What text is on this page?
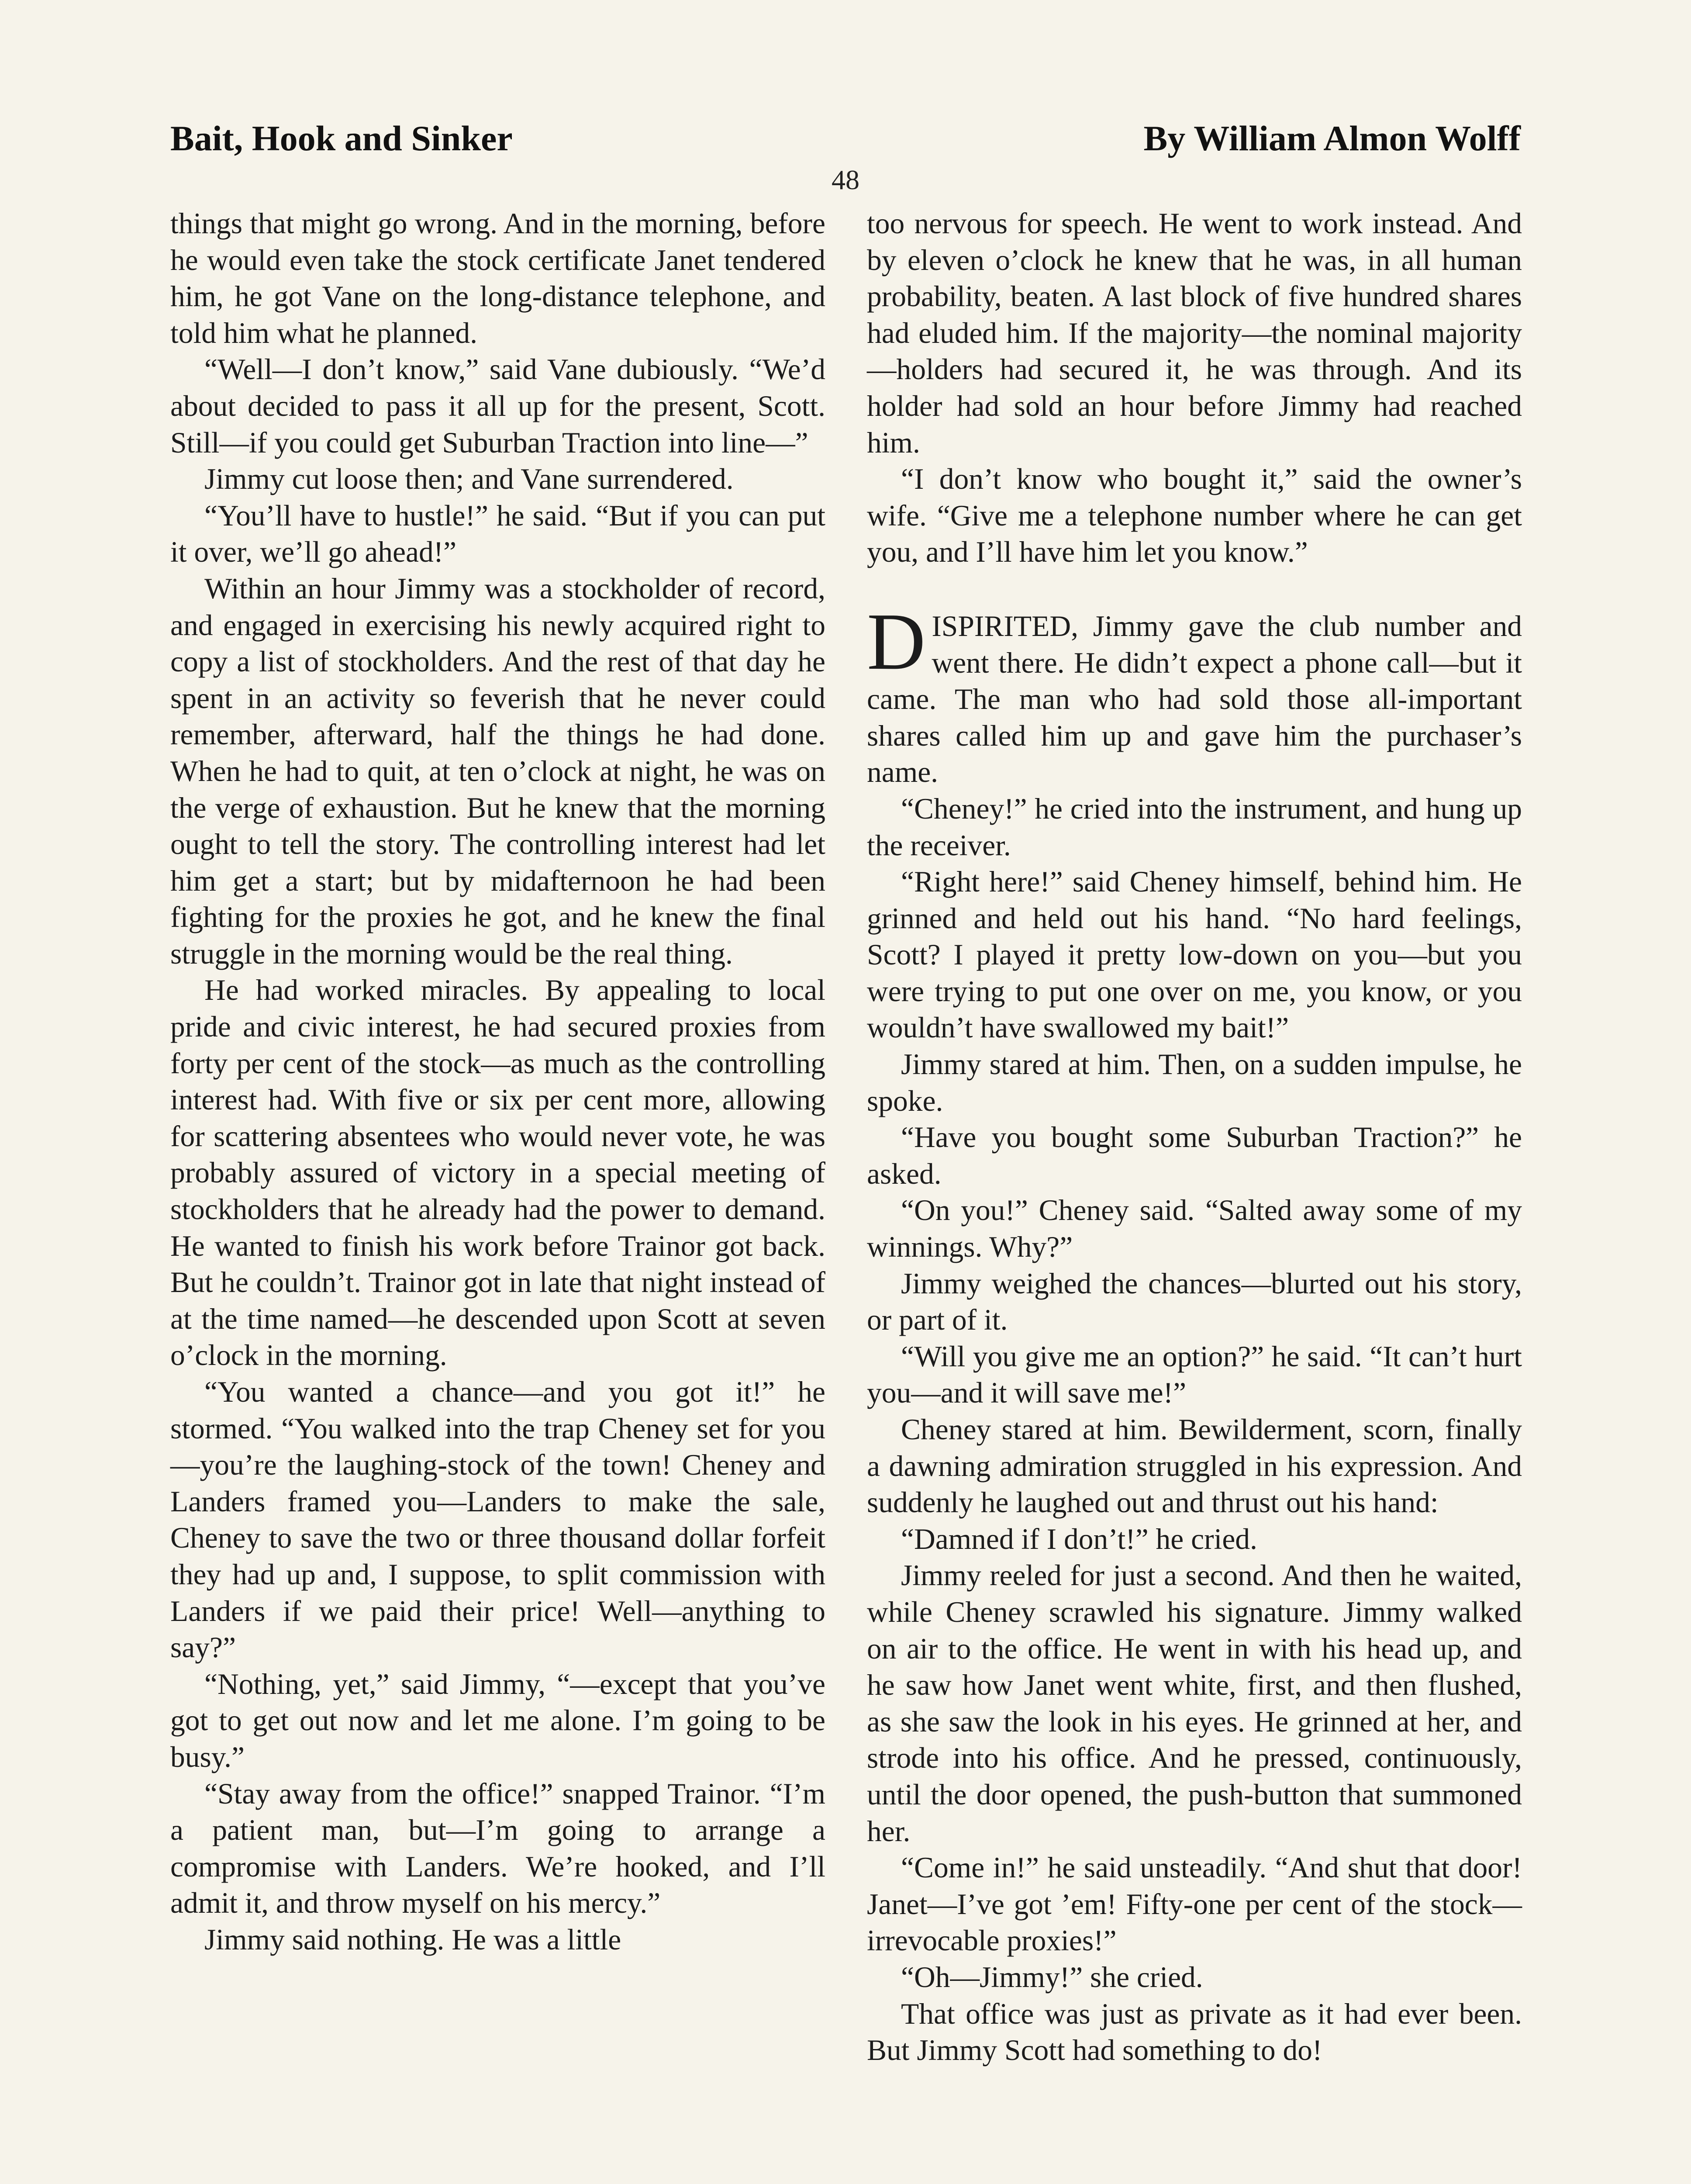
Bait, Hook and Sinker	By William Almon Wolff
48

things that might go wrong. And in the morning, before he would even take the stock certificate Janet tendered him, he got Vane on the long-distance telephone, and told him what he planned.

“Well—I don’t know,” said Vane dubiously. “We’d about decided to pass it all up for the present, Scott. Still—if you could get Suburban Traction into line—”

Jimmy cut loose then; and Vane surrendered.

“You’ll have to hustle!” he said. “But if you can put it over, we’ll go ahead!”

Within an hour Jimmy was a stockholder of record, and engaged in exercising his newly acquired right to copy a list of stockholders. And the rest of that day he spent in an activity so feverish that he never could remember, afterward, half the things he had done. When he had to quit, at ten o’clock at night, he was on the verge of exhaustion. But he knew that the morning ought to tell the story. The controlling interest had let him get a start; but by midafternoon he had been fighting for the proxies he got, and he knew the final struggle in the morning would be the real thing.

He had worked miracles. By appealing to local pride and civic interest, he had secured proxies from forty per cent of the stock—as much as the controlling interest had. With five or six per cent more, allowing for scattering absentees who would never vote, he was probably assured of victory in a special meeting of stockholders that he already had the power to demand. He wanted to finish his work before Trainor got back. But he couldn’t. Trainor got in late that night instead of at the time named—he descended upon Scott at seven o’clock in the morning.

“You wanted a chance—and you got it!” he stormed. “You walked into the trap Cheney set for you—you’re the laughing-stock of the town! Cheney and Landers framed you—Landers to make the sale, Cheney to save the two or three thousand dollar forfeit they had up and, I suppose, to split commission with Landers if we paid their price! Well—anything to say?”

“Nothing, yet,” said Jimmy, “—except that you’ve got to get out now and let me alone. I’m going to be busy.”

“Stay away from the office!” snapped Trainor. “I’m a patient man, but—I’m going to arrange a compromise with Landers. We’re hooked, and I’ll admit it, and throw myself on his mercy.”

Jimmy said nothing. He was a little

too nervous for speech. He went to work instead. And by eleven o’clock he knew that he was, in all human probability, beaten. A last block of five hundred shares had eluded him. If the majority—the nominal majority—holders had secured it, he was through. And its holder had sold an hour before Jimmy had reached him.

“I don’t know who bought it,” said the owner’s wife. “Give me a telephone number where he can get you, and I’ll have him let you know.”

DISPIRITED, Jimmy gave the club number and went there. He didn’t expect a phone call—but it came. The man who had sold those all-important shares called him up and gave him the purchaser’s name.

“Cheney!” he cried into the instrument, and hung up the receiver.

“Right here!” said Cheney himself, behind him. He grinned and held out his hand. “No hard feelings, Scott? I played it pretty low-down on you—but you were trying to put one over on me, you know, or you wouldn’t have swallowed my bait!”

Jimmy stared at him. Then, on a sudden impulse, he spoke.

“Have you bought some Suburban Traction?” he asked.

“On you!” Cheney said. “Salted away some of my winnings. Why?”

Jimmy weighed the chances—blurted out his story, or part of it.

“Will you give me an option?” he said. “It can’t hurt you—and it will save me!”

Cheney stared at him. Bewilderment, scorn, finally a dawning admiration struggled in his expression. And suddenly he laughed out and thrust out his hand:

“Damned if I don’t!” he cried.

Jimmy reeled for just a second. And then he waited, while Cheney scrawled his signature. Jimmy walked on air to the office. He went in with his head up, and he saw how Janet went white, first, and then flushed, as she saw the look in his eyes. He grinned at her, and strode into his office. And he pressed, continuously, until the door opened, the push-button that summoned her.

“Come in!” he said unsteadily. “And shut that door! Janet—I’ve got ’em! Fifty-one per cent of the stock—irrevocable proxies!”

“Oh—Jimmy!” she cried.

That office was just as private as it had ever been. But Jimmy Scott had something to do!
